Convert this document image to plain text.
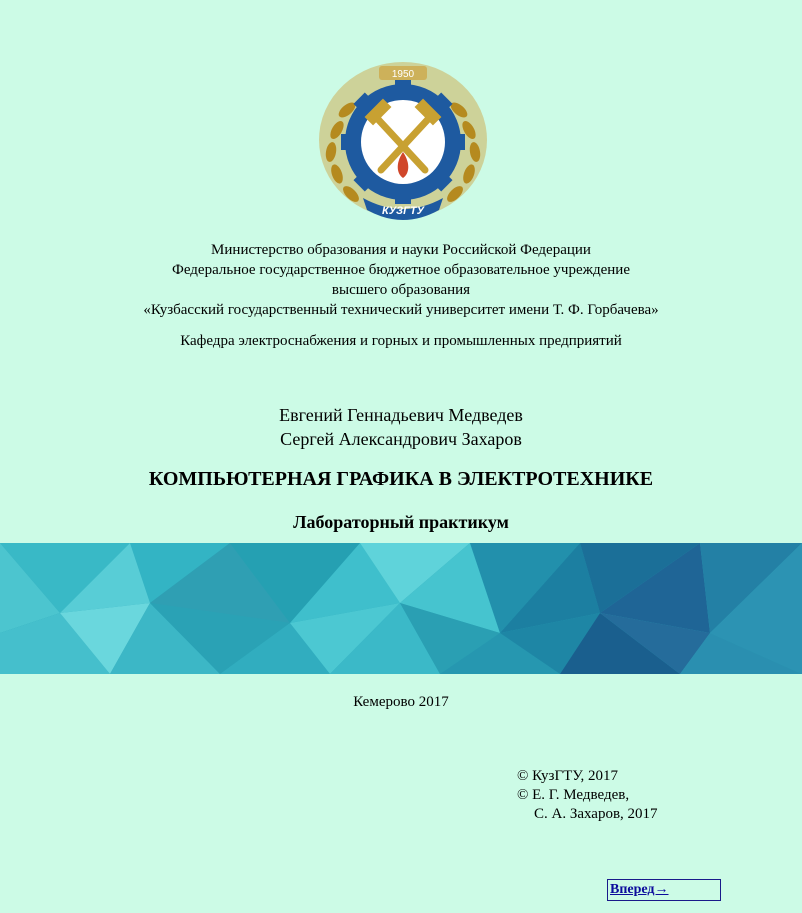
1950
КУЗГТУ
Министерство образования и науки Российской Федерации
Федеральное государственное бюджетное образовательное учреждение
высшего образования
«Кузбасский государственный технический университет имени Т. Ф. Горбачева»
Кафедра электроснабжения и горных и промышленных предприятий
Евгений Геннадьевич Медведев
Сергей Александрович Захаров
КОМПЬЮТЕРНАЯ ГРАФИКА В ЭЛЕКТРОТЕХНИКЕ
Лабораторный практикум
Кемерово 2017
© КузГТУ, 2017
© Е. Г. Медведев,
С. А. Захаров, 2017
Вперед→
